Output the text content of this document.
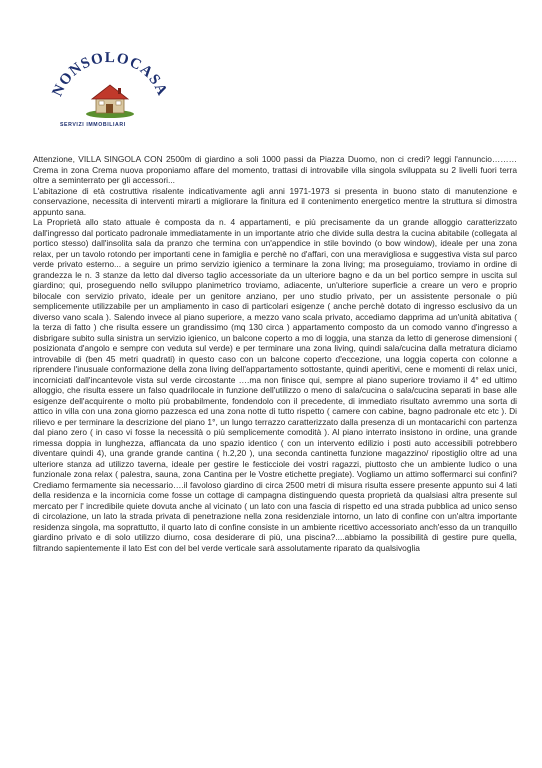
NONSOLOCASA
SERVIZI IMMOBILIARI

Attenzione, VILLA SINGOLA CON 2500m di giardino a soli 1000 passi da Piazza Duomo, non ci credi? leggi l'annuncio………Crema in zona Crema nuova proponiamo affare del momento, trattasi di introvabile villa singola sviluppata su 2 livelli fuori terra oltre a seminterrato per gli accessori...

L'abitazione di età costruttiva risalente indicativamente agli anni 1971-1973 si presenta in buono stato di manutenzione e conservazione, necessita di interventi mirarti a migliorare la finitura ed il contenimento energetico mentre la struttura si dimostra appunto sana.

La Proprietà allo stato attuale è composta da n. 4 appartamenti, e più precisamente da un grande alloggio caratterizzato dall'ingresso dal porticato padronale immediatamente in un importante atrio che divide sulla destra la cucina abitabile (collegata al portico stesso) dall'insolita sala da pranzo che termina con un'appendice in stile bovindo (o bow window), ideale per una zona relax, per un tavolo rotondo per importanti cene in famiglia e perchè no d'affari, con una meravigliosa e suggestiva vista sul parco verde privato esterno... a seguire un primo servizio igienico a terminare la zona living; ma proseguiamo, troviamo in ordine di grandezza le n. 3 stanze da letto dal diverso taglio accessoriate da un ulteriore bagno e da un bel portico sempre in uscita sul giardino; qui, proseguendo nello sviluppo planimetrico troviamo, adiacente, un'ulteriore superficie a creare un vero e proprio bilocale con servizio privato, ideale per un genitore anziano, per uno studio privato, per un assistente personale o più semplicemente utilizzabile per un ampliamento in caso di particolari esigenze ( anche perchè dotato di ingresso esclusivo da un diverso vano scala ). Salendo invece al piano superiore, a mezzo vano scala privato, accediamo dapprima ad un'unità abitativa ( la terza di fatto ) che risulta essere un grandissimo (mq 130 circa ) appartamento composto da un comodo vanno d'ingresso a disbrigare subito sulla sinistra un servizio igienico, un balcone coperto a mo di loggia, una stanza da letto di generose dimensioni ( posizionata d'angolo e sempre con veduta sul verde) e per terminare una zona living, quindi sala/cucina dalla metratura diciamo introvabile di (ben 45 metri quadrati) in questo caso con un balcone coperto d'eccezione, una loggia coperta con colonne a riprendere l'inusuale conformazione della zona living dell'appartamento sottostante, quindi aperitivi, cene e momenti di relax unici, incorniciati dall'incantevole vista sul verde circostante ….ma non finisce qui, sempre al piano superiore troviamo il 4° ed ultimo alloggio, che risulta essere un falso quadrilocale in funzione dell'utilizzo o meno di sala/cucina o sala/cucina separati in base alle esigenze dell'acquirente o molto più probabilmente, fondendolo con il precedente, di immediato risultato avremmo una sorta di attico in villa con una zona giorno pazzesca ed una zona notte di tutto rispetto ( camere con cabine, bagno padronale etc etc ). Di rilievo e per terminare la descrizione del piano 1°, un lungo terrazzo caratterizzato dalla presenza di un montacarichi con partenza dal piano zero ( in caso vi fosse la necessità o più semplicemente comodità ). Al piano interrato insistono in ordine, una grande rimessa doppia in lunghezza, affiancata da uno spazio identico ( con un intervento edilizio i posti auto accessibili potrebbero diventare quindi 4), una grande grande cantina ( h.2,20 ), una seconda cantinetta funzione magazzino/ ripostiglio oltre ad una ulteriore stanza ad utilizzo taverna, ideale per gestire le festicciole dei vostri ragazzi, piuttosto che un ambiente ludico o una funzionale zona relax ( palestra, sauna, zona Cantina per le Vostre etichette pregiate). Vogliamo un attimo soffermarci sui confini? Crediamo fermamente sia necessario….il favoloso giardino di circa 2500 metri di misura risulta essere presente appunto sui 4 lati della residenza e la incornicia come fosse un cottage di campagna distinguendo questa proprietà da qualsiasi altra presente sul mercato per l' incredibile quiete dovuta anche al vicinato ( un lato con una fascia di rispetto ed una strada pubblica ad unico senso di circolazione, un lato la strada privata di penetrazione nella zona residenziale intorno, un lato di confine con un'altra importante residenza singola, ma soprattutto, il quarto lato di confine consiste in un ambiente ricettivo accessoriato anch'esso da un tranquillo giardino privato e di solo utilizzo diurno, cosa desiderare di più, una piscina?....abbiamo la possibilità di gestire pure quella, filtrando sapientemente il lato Est con del bel verde verticale sarà assolutamente riparato da qualsivoglia
